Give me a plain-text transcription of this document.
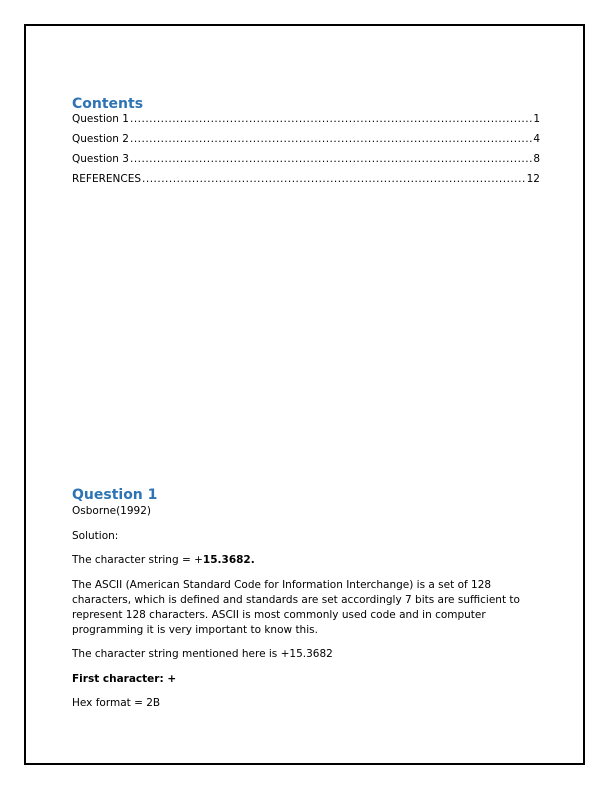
Contents
Question 1 .....	1
Question 2 .....	4
Question 3 .....	8
REFERENCES .....	12
Question 1

Osborne(1992)

Solution:

The character string = +15.3682.

The ASCII (American Standard Code for Information Interchange) is a set of 128 characters, which is defined and standards are set accordingly 7 bits are sufficient to represent 128 characters. ASCII is most commonly used code and in computer programming it is very important to know this.

The character string mentioned here is +15.3682

First character: +

Hex format = 2B
